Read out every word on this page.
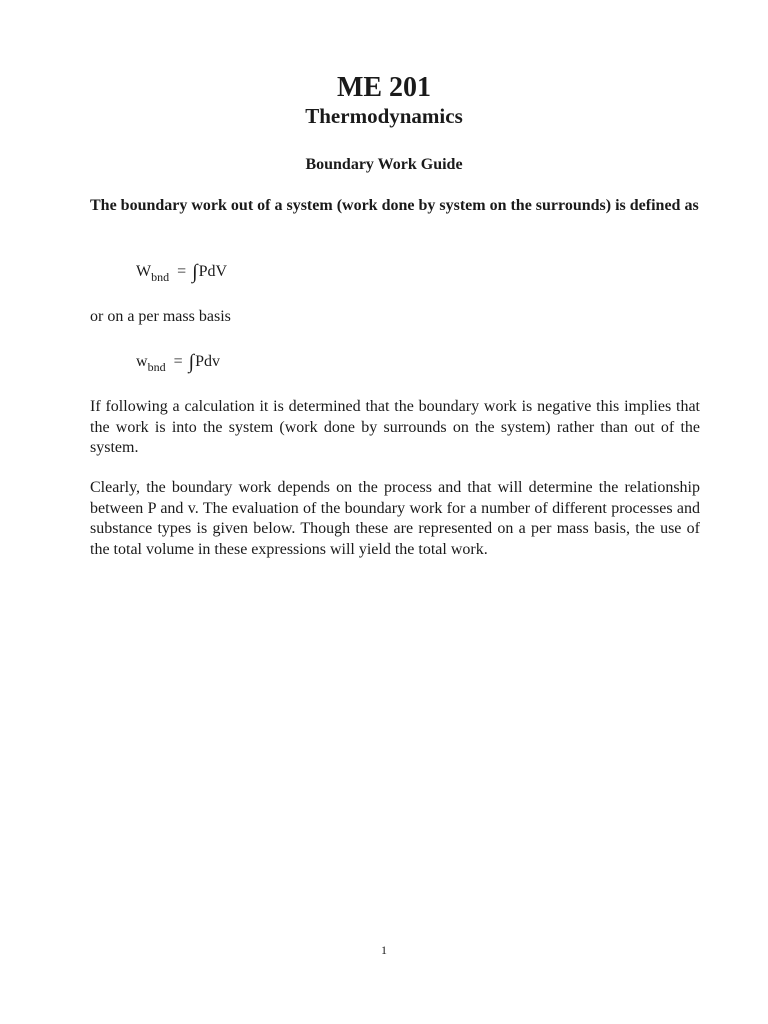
ME 201
Thermodynamics
Boundary Work Guide

The boundary work out of a system (work done by system on the surrounds) is defined as

$W_{bnd} = \int PdV$

or on a per mass basis

$w_{bnd} = \int Pdv$

If following a calculation it is determined that the boundary work is negative this implies that the work is into the system (work done by surrounds on the system) rather than out of the system.

Clearly, the boundary work depends on the process and that will determine the relationship between P and v. The evaluation of the boundary work for a number of different processes and substance types is given below. Though these are represented on a per mass basis, the use of the total volume in these expressions will yield the total work.

1
